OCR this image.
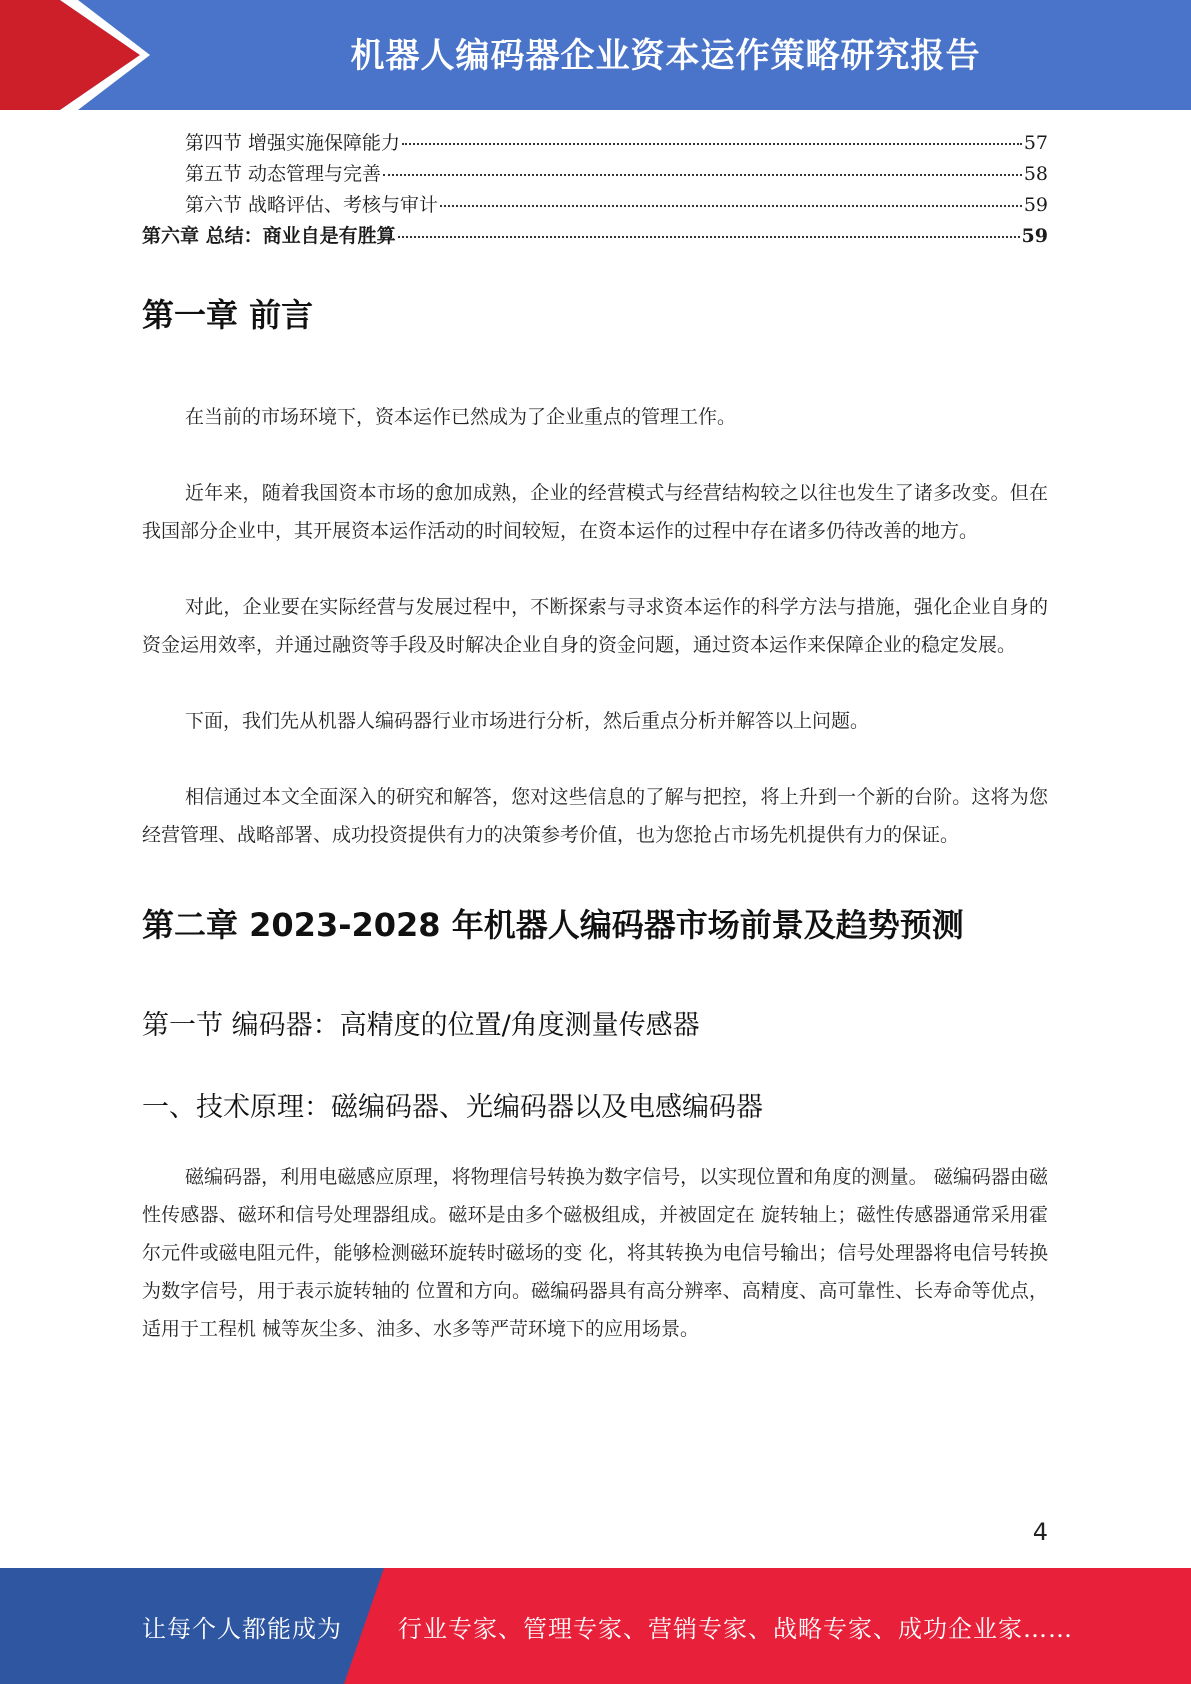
机器人编码器企业资本运作策略研究报告
第四节 增强实施保障能力	57
第五节 动态管理与完善	58
第六节 战略评估、考核与审计	59
第六章 总结：商业自是有胜算	59
第一章 前言

在当前的市场环境下，资本运作已然成为了企业重点的管理工作。

近年来，随着我国资本市场的愈加成熟，企业的经营模式与经营结构较之以往也发生了诸多改变。但在我国部分企业中，其开展资本运作活动的时间较短，在资本运作的过程中存在诸多仍待改善的地方。

对此，企业要在实际经营与发展过程中，不断探索与寻求资本运作的科学方法与措施，强化企业自身的资金运用效率，并通过融资等手段及时解决企业自身的资金问题，通过资本运作来保障企业的稳定发展。

下面，我们先从机器人编码器行业市场进行分析，然后重点分析并解答以上问题。

相信通过本文全面深入的研究和解答，您对这些信息的了解与把控，将上升到一个新的台阶。这将为您经营管理、战略部署、成功投资提供有力的决策参考价值，也为您抢占市场先机提供有力的保证。

第二章 2023-2028 年机器人编码器市场前景及趋势预测
第一节 编码器：高精度的位置/角度测量传感器
一、技术原理：磁编码器、光编码器以及电感编码器

磁编码器，利用电磁感应原理，将物理信号转换为数字信号，以实现位置和角度的测量。 磁编码器由磁性传感器、磁环和信号处理器组成。磁环是由多个磁极组成，并被固定在 旋转轴上；磁性传感器通常采用霍尔元件或磁电阻元件，能够检测磁环旋转时磁场的变 化，将其转换为电信号输出；信号处理器将电信号转换为数字信号，用于表示旋转轴的 位置和方向。磁编码器具有高分辨率、高精度、高可靠性、长寿命等优点，适用于工程机 械等灰尘多、油多、水多等严苛环境下的应用场景。

4
让每个人都能成为 行业专家、管理专家、营销专家、战略专家、成功企业家……
